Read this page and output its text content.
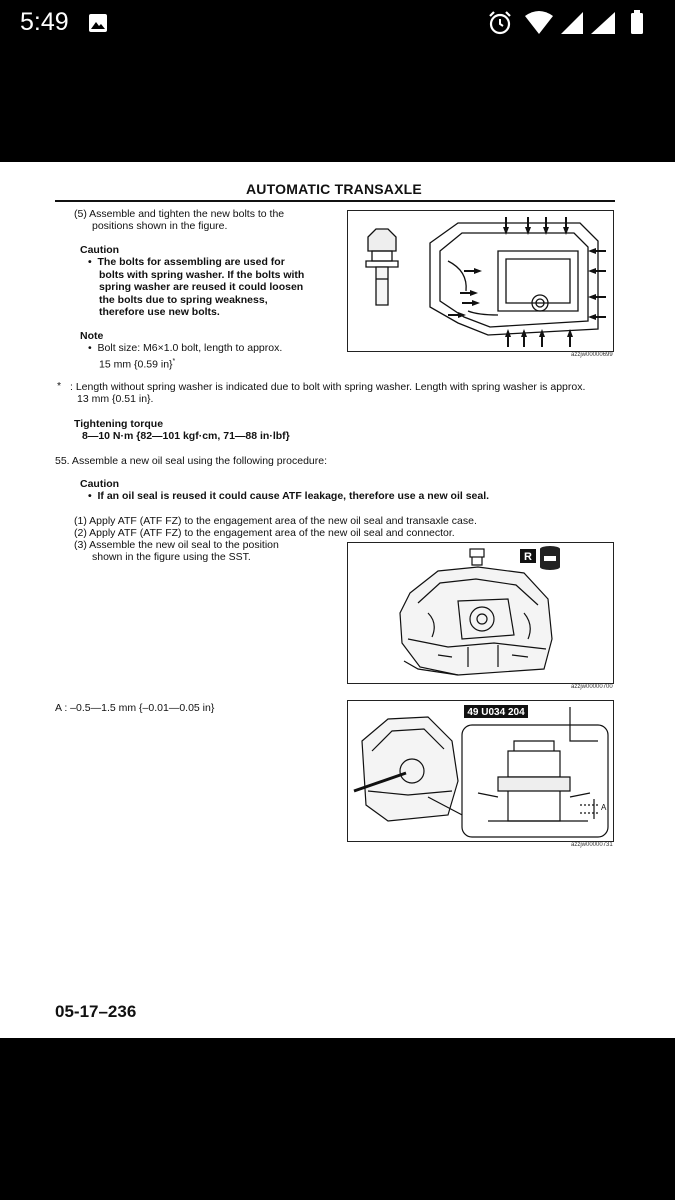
5:49
AUTOMATIC TRANSAXLE
(5) Assemble and tighten the new bolts to the
positions shown in the figure.
Caution
•  The bolts for assembling are used for
bolts with spring washer. If the bolts with
spring washer are reused it could loosen
the bolts due to spring weakness,
therefore use new bolts.
Note
•  Bolt size: M6×1.0 bolt, length to approx.
15 mm {0.59 in}*
azzjw00000699
* : Length without spring washer is indicated due to bolt with spring washer. Length with spring washer is approx.
13 mm {0.51 in}.
Tightening torque
8—10 N·m {82—101 kgf·cm, 71—88 in·lbf}
55. Assemble a new oil seal using the following procedure:
Caution
•  If an oil seal is reused it could cause ATF leakage, therefore use a new oil seal.
(1) Apply ATF (ATF FZ) to the engagement area of the new oil seal and transaxle case.
(2) Apply ATF (ATF FZ) to the engagement area of the new oil seal and connector.
(3) Assemble the new oil seal to the position
shown in the figure using the SST.	R
azzjw00000700
A : –0.5—1.5 mm {–0.01—0.05 in}	49 U034 204
A
azzjw00000731
05-17–236
